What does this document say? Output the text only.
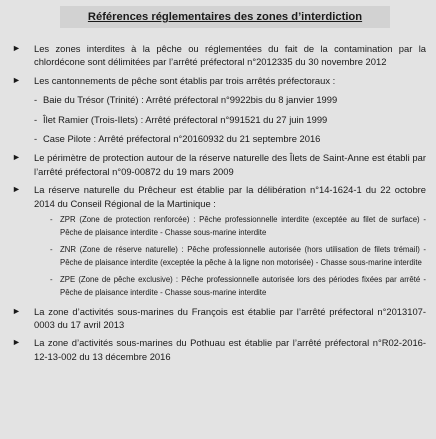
Références réglementaires des zones d’interdiction
► Les zones interdites à la pêche ou réglementées du fait de la contamination par la chlordécone sont délimitées par l’arrêté préfectoral n°2012335 du 30 novembre 2012
► Les cantonnements de pêche sont établis par trois arrêtés préfectoraux :
- Baie du Trésor (Trinité) : Arrêté préfectoral n°9922bis du 8 janvier 1999
- Îlet Ramier (Trois-Ilets) : Arrêté préfectoral n°991521 du 27 juin 1999
- Case Pilote : Arrêté préfectoral n°20160932 du 21 septembre 2016
► Le périmètre de protection autour de la réserve naturelle des Îlets de Saint-Anne est établi par l’arrêté préfectoral n°09-00872 du 19 mars 2009
► La réserve naturelle du Prêcheur est établie par la délibération n°14-1624-1 du 22 octobre 2014 du Conseil Régional de la Martinique :
- ZPR (Zone de protection renforcée) : Pêche professionnelle interdite (exceptée au filet de surface) - Pêche de plaisance interdite - Chasse sous-marine interdite
- ZNR (Zone de réserve naturelle) : Pêche professionnelle autorisée (hors utilisation de filets trémail) - Pêche de plaisance interdite (exceptée la pêche à la ligne non motorisée) - Chasse sous-marine interdite
- ZPE (Zone de pêche exclusive) : Pêche professionnelle autorisée lors des périodes fixées par arrêté - Pêche de plaisance interdite - Chasse sous-marine interdite
► La zone d’activités sous-marines du François est établie par l’arrêté préfectoral n°2013107-0003 du 17 avril 2013
► La zone d’activités sous-marines du Pothuau est établie par l’arrêté préfectoral n°R02-2016-12-13-002 du 13 décembre 2016
